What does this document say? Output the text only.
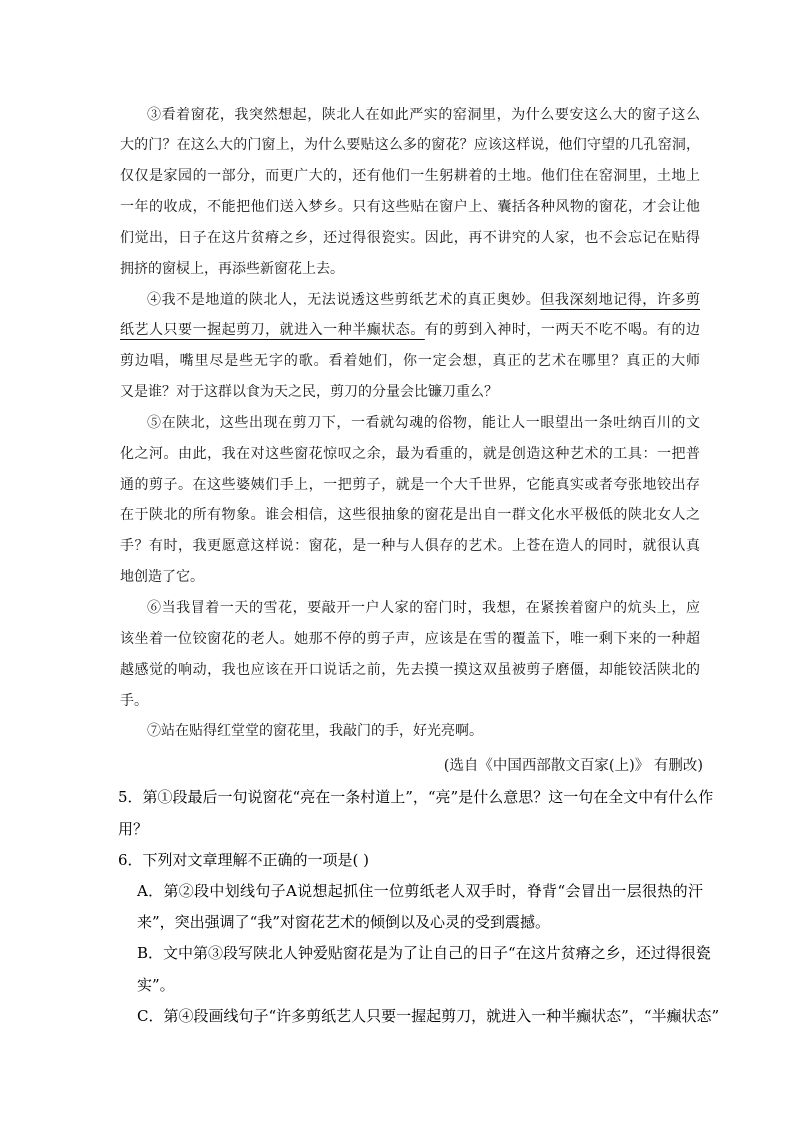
③看着窗花，我突然想起，陕北人在如此严实的窑洞里，为什么要安这么大的窗子这么
大的门？在这么大的门窗上，为什么要贴这么多的窗花？应该这样说，他们守望的几孔窑洞，
仅仅是家园的一部分，而更广大的，还有他们一生躬耕着的土地。他们住在窑洞里，土地上
一年的收成，不能把他们送入梦乡。只有这些贴在窗户上、囊括各种风物的窗花，才会让他
们觉出，日子在这片贫瘠之乡，还过得很瓷实。因此，再不讲究的人家，也不会忘记在贴得
拥挤的窗棂上，再添些新窗花上去。
④我不是地道的陕北人，无法说透这些剪纸艺术的真正奥妙。但我深刻地记得，许多剪
纸艺人只要一握起剪刀，就进入一种半癫状态。有的剪到入神时，一两天不吃不喝。有的边
剪边唱，嘴里尽是些无字的歌。看着她们，你一定会想，真正的艺术在哪里？真正的大师
又是谁？对于这群以食为天之民，剪刀的分量会比镰刀重么？
⑤在陕北，这些出现在剪刀下，一看就勾魂的俗物，能让人一眼望出一条吐纳百川的文
化之河。由此，我在对这些窗花惊叹之余，最为看重的，就是创造这种艺术的工具：一把普
通的剪子。在这些婆姨们手上，一把剪子，就是一个大千世界，它能真实或者夸张地铰出存
在于陕北的所有物象。谁会相信，这些很抽象的窗花是出自一群文化水平极低的陕北女人之
手？有时，我更愿意这样说：窗花，是一种与人俱存的艺术。上苍在造人的同时，就很认真
地创造了它。
⑥当我冒着一天的雪花，要敲开一户人家的窑门时，我想，在紧挨着窗户的炕头上，应
该坐着一位铰窗花的老人。她那不停的剪子声，应该是在雪的覆盖下，唯一剩下来的一种超
越感觉的响动，我也应该在开口说话之前，先去摸一摸这双虽被剪子磨僵，却能铰活陕北的
手。
⑦站在贴得红堂堂的窗花里，我敲门的手，好光亮啊。
(选自《中国西部散文百家(上)》 有删改)
5．第①段最后一句说窗花“亮在一条村道上”，“亮”是什么意思？这一句在全文中有什么作
用？
6．下列对文章理解不正确的一项是( )
A．第②段中划线句子A说想起抓住一位剪纸老人双手时，脊背“会冒出一层很热的汗
来”，突出强调了“我”对窗花艺术的倾倒以及心灵的受到震撼。
B．文中第③段写陕北人钟爱贴窗花是为了让自己的日子“在这片贫瘠之乡，还过得很瓷
实”。
C．第④段画线句子“许多剪纸艺人只要一握起剪刀，就进入一种半癫状态”，“半癫状态”
